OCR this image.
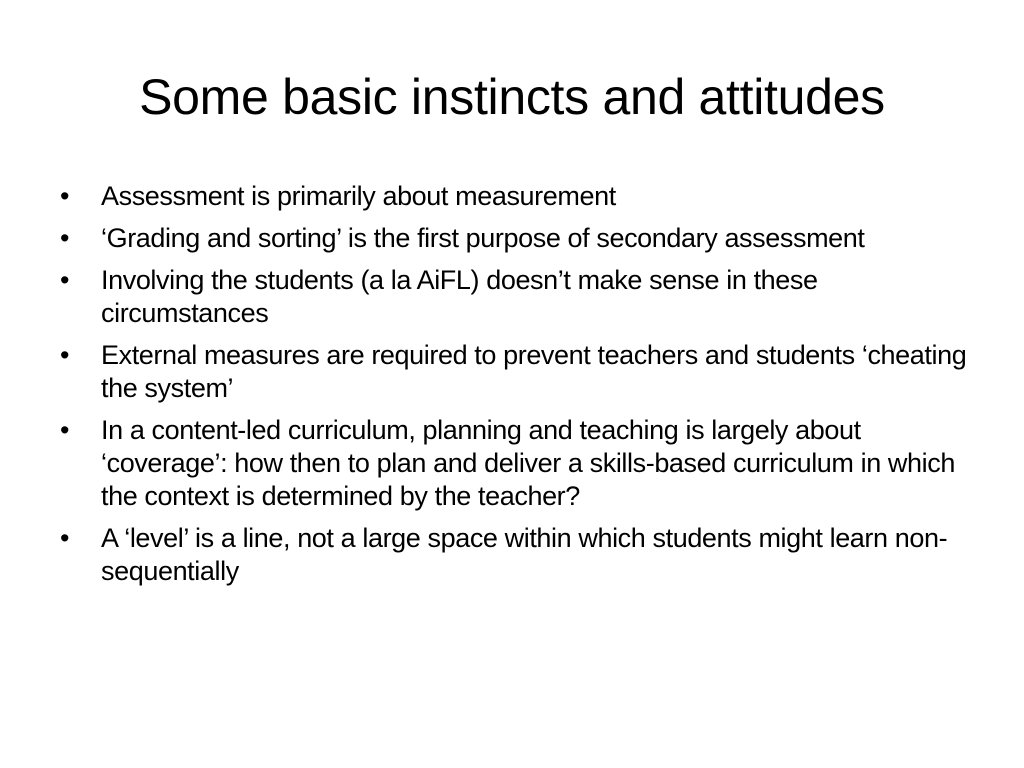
Some basic instincts and attitudes
•	Assessment is primarily about measurement
•	‘Grading and sorting’ is the first purpose of secondary assessment
•	Involving the students (a la AiFL) doesn’t make sense in these circumstances
•	External measures are required to prevent teachers and students ‘cheating the system’
•	In a content-led curriculum, planning and teaching is largely about ‘coverage’: how then to plan and deliver a skills-based curriculum in which the context is determined by the teacher?
•	A ‘level’ is a line, not a large space within which students might learn non-sequentially
